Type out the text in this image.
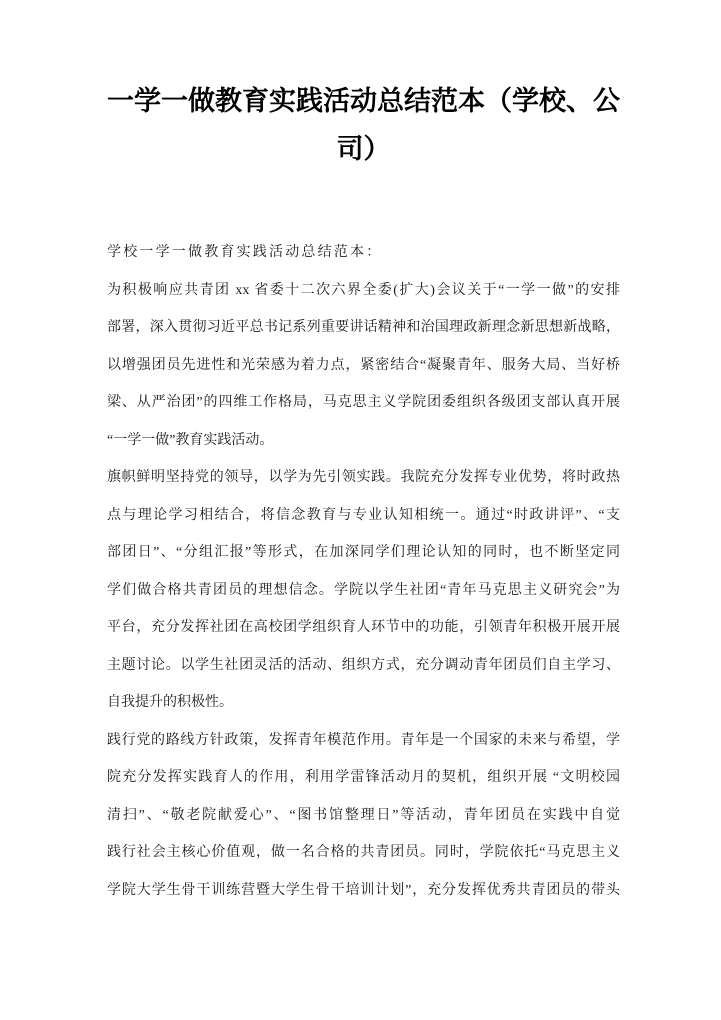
一学一做教育实践活动总结范本（学校、公
司）
学校一学一做教育实践活动总结范本：
为积极响应共青团 xx 省委十二次六界全委(扩大)会议关于“一学一做”的安排
部署，深入贯彻习近平总书记系列重要讲话精神和治国理政新理念新思想新战略，
以增强团员先进性和光荣感为着力点，紧密结合“凝聚青年、服务大局、当好桥
梁、从严治团”的四维工作格局，马克思主义学院团委组织各级团支部认真开展
“一学一做”教育实践活动。
旗帜鲜明坚持党的领导，以学为先引领实践。我院充分发挥专业优势，将时政热
点与理论学习相结合，将信念教育与专业认知相统一。通过“时政讲评”、“支
部团日”、“分组汇报”等形式，在加深同学们理论认知的同时，也不断坚定同
学们做合格共青团员的理想信念。学院以学生社团“青年马克思主义研究会”为
平台，充分发挥社团在高校团学组织育人环节中的功能，引领青年积极开展开展
主题讨论。以学生社团灵活的活动、组织方式，充分调动青年团员们自主学习、
自我提升的积极性。
践行党的路线方针政策，发挥青年模范作用。青年是一个国家的未来与希望，学
院充分发挥实践育人的作用，利用学雷锋活动月的契机，组织开展 “文明校园
清扫”、“敬老院献爱心”、“图书馆整理日”等活动，青年团员在实践中自觉
践行社会主核心价值观，做一名合格的共青团员。同时，学院依托“马克思主义
学院大学生骨干训练营暨大学生骨干培训计划”，充分发挥优秀共青团员的带头
